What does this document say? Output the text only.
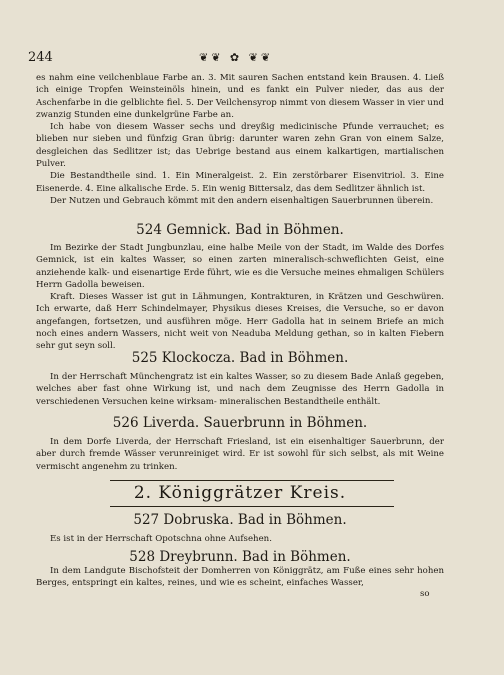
244	❦❦ ✿ ❦❦

es nahm eine veilchenblaue Farbe an. 3. Mit sauren Sachen entstand kein Brausen. 4. Ließ ich einige Tropfen Weinsteinöls hinein, und es fankt ein Pulver nieder, das aus der Aschenfarbe in die gelblichte fiel. 5. Der Veilchensyrop nimmt von diesem Wasser in vier und zwanzig Stunden eine dunkelgrüne Farbe an.

Ich habe von diesem Wasser sechs und dreyßig medicinische Pfunde verrauchet; es blieben nur sieben und fünfzig Gran übrig: darunter waren zehn Gran von einem Salze, desgleichen das Sedlitzer ist; das Uebrige bestand aus einem kalkartigen, martialischen Pulver.

Die Bestandtheile sind. 1. Ein Mineralgeist. 2. Ein zerstörbarer Eisenvitriol. 3. Eine Eisenerde. 4. Eine alkalische Erde. 5. Ein wenig Bittersalz, das dem Sedlitzer ähnlich ist.

Der Nutzen und Gebrauch kömmt mit den andern eisenhaltigen Sauerbrunnen überein.

524 Gemnick. Bad in Böhmen.

Im Bezirke der Stadt Jungbunzlau, eine halbe Meile von der Stadt, im Walde des Dorfes Gemnick, ist ein kaltes Wasser, so einen zarten mineralisch-schweflichten Geist, eine anziehende kalk- und eisenartige Erde führt, wie es die Versuche meines ehmaligen Schülers Herrn Gadolla beweisen.

Kraft. Dieses Wasser ist gut in Lähmungen, Kontrakturen, in Krätzen und Geschwüren. Ich erwarte, daß Herr Schindelmayer, Physikus dieses Kreises, die Versuche, so er davon angefangen, fortsetzen, und ausführen möge. Herr Gadolla hat in seinem Briefe an mich noch eines andern Wassers, nicht weit von Neaduba Meldung gethan, so in kalten Fiebern sehr gut seyn soll.

525 Klockocza. Bad in Böhmen.

In der Herrschaft Münchengratz ist ein kaltes Wasser, so zu diesem Bade Anlaß gegeben, welches aber fast ohne Wirkung ist, und nach dem Zeugnisse des Herrn Gadolla in verschiedenen Versuchen keine wirksam- mineralischen Bestandtheile enthält.

526 Liverda. Sauerbrunn in Böhmen.

In dem Dorfe Liverda, der Herrschaft Friesland, ist ein eisenhaltiger Sauerbrunn, der aber durch fremde Wässer verunreiniget wird. Er ist sowohl für sich selbst, als mit Weine vermischt angenehm zu trinken.

2. Königgrätzer Kreis.
527 Dobruska. Bad in Böhmen.

Es ist in der Herrschaft Opotschna ohne Aufsehen.

528 Dreybrunn. Bad in Böhmen.

In dem Landgute Bischofsteit der Domherren von Königgrätz, am Fuße eines sehr hohen Berges, entspringt ein kaltes, reines, und wie es scheint, einfaches Wasser,

so
